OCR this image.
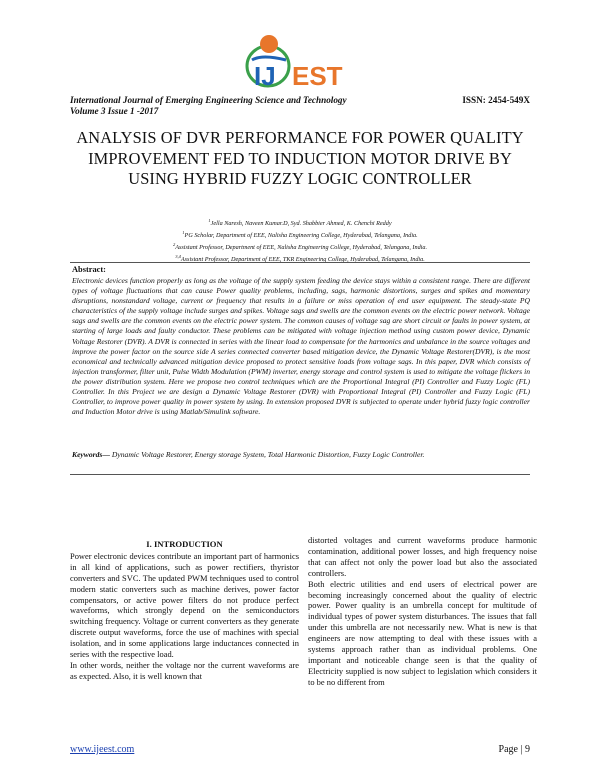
IJ EST
International Journal of Emerging Engineering Science and Technology
Volume 3 Issue 1 -2017
ISSN: 2454-549X
ANALYSIS OF DVR PERFORMANCE FOR POWER QUALITY IMPROVEMENT FED TO INDUCTION MOTOR DRIVE BY USING HYBRID FUZZY LOGIC CONTROLLER
$^1$Jella Naresh, Naveen Kumar.D, Syd. Shabbier Ahmed, K. Chenchi Reddy
$^1$PG Scholar, Department of EEE, Nalisha Engineering College, Hyderabad, Telangana, India.
$^2$Assistant Professor, Department of EEE, Nalisha Engineering College, Hyderabad, Telangana, India.
$^{3,4}$Assistant Professor, Department of EEE, TKR Engineering College, Hyderabad, Telangana, India.
Abstract:
Electronic devices function properly as long as the voltage of the supply system feeding the device stays within a consistent range. There are different types of voltage fluctuations that can cause Power quality problems, including, sags, harmonic distortions, surges and spikes and momentary disruptions, nonstandard voltage, current or frequency that results in a failure or miss operation of end user equipment. The steady-state PQ characteristics of the supply voltage include surges and spikes. Voltage sags and swells are the common events on the electric power network. Voltage sags and swells are the common events on the electric power system. The common causes of voltage sag are short circuit or faults in power system, at starting of large loads and faulty conductor. These problems can be mitigated with voltage injection method using custom power device, Dynamic Voltage Restorer (DVR). A DVR is connected in series with the linear load to compensate for the harmonics and unbalance in the source voltages and improve the power factor on the source side A series connected converter based mitigation device, the Dynamic Voltage Restorer(DVR), is the most economical and technically advanced mitigation device proposed to protect sensitive loads from voltage sags. In this paper, DVR which consists of injection transformer, filter unit, Pulse Width Modulation (PWM) inverter, energy storage and control system is used to mitigate the voltage flickers in the power distribution system. Here we propose two control techniques which are the Proportional Integral (PI) Controller and Fuzzy Logic (FL) Controller. In this Project we are design a Dynamic Voltage Restorer (DVR) with Proportional Integral (PI) Controller and Fuzzy Logic (FL) Controller, to improve power quality in power system by using. In extension proposed DVR is subjected to operate under hybrid fuzzy logic controller and Induction Motor drive is using Matlab/Simulink software.
Keywords— Dynamic Voltage Restorer, Energy storage System, Total Harmonic Distortion, Fuzzy Logic Controller.
I. INTRODUCTION

Power electronic devices contribute an important part of harmonics in all kind of applications, such as power rectifiers, thyristor converters and SVC. The updated PWM techniques used to control modern static converters such as machine derives, power factor compensators, or active power filters do not produce perfect waveforms, which strongly depend on the semiconductors switching frequency. Voltage or current converters as they generate discrete output waveforms, force the use of machines with special isolation, and in some applications large inductances connected in series with the respective load.

In other words, neither the voltage nor the current waveforms are as expected. Also, it is well known that

distorted voltages and current waveforms produce harmonic contamination, additional power losses, and high frequency noise that can affect not only the power load but also the associated controllers.

Both electric utilities and end users of electrical power are becoming increasingly concerned about the quality of electric power. Power quality is an umbrella concept for multitude of individual types of power system disturbances. The issues that fall under this umbrella are not necessarily new. What is new is that engineers are now attempting to deal with these issues with a systems approach rather than as individual problems. One important and noticeable change seen is that the quality of Electricity supplied is now subject to legislation which considers it to be no different from

www.ijeest.com	Page | 9
